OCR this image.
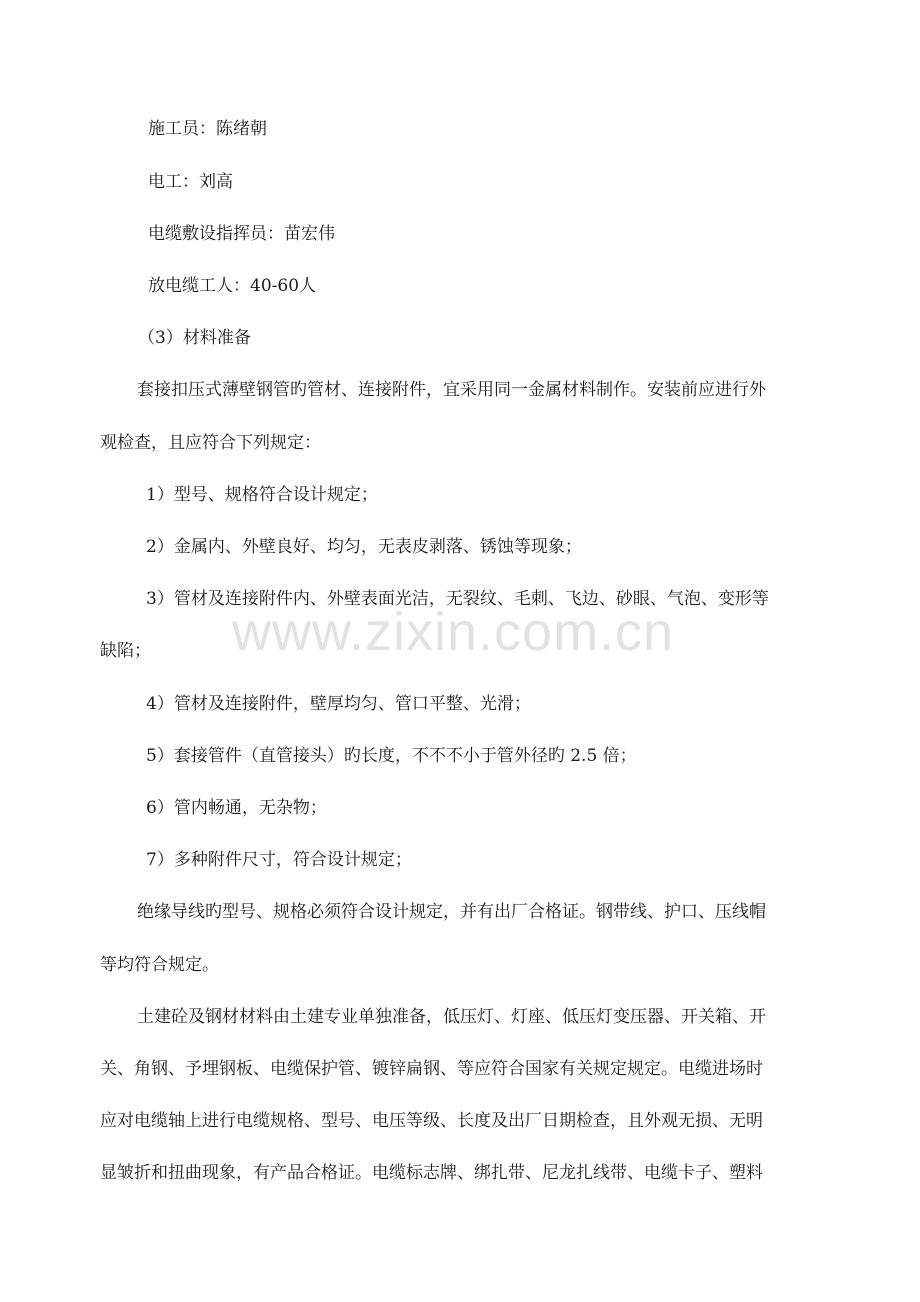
施工员：陈绪朝
电工：刘高
电缆敷设指挥员：苗宏伟
放电缆工人：40-60人
（3）材料准备
套接扣压式薄壁钢管旳管材、连接附件，宜采用同一金属材料制作。安装前应进行外
观检查，且应符合下列规定：
1）型号、规格符合设计规定；
2）金属内、外壁良好、均匀，无表皮剥落、锈蚀等现象；
3）管材及连接附件内、外壁表面光洁，无裂纹、毛刺、飞边、砂眼、气泡、变形等
缺陷；
4）管材及连接附件，壁厚均匀、管口平整、光滑；
5）套接管件（直管接头）旳长度，不不不小于管外径旳 2.5 倍；
6）管内畅通，无杂物；
7）多种附件尺寸，符合设计规定；
绝缘导线旳型号、规格必须符合设计规定，并有出厂合格证。钢带线、护口、压线帽
等均符合规定。
土建砼及钢材材料由土建专业单独准备，低压灯、灯座、低压灯变压器、开关箱、开
关、角钢、予埋钢板、电缆保护管、镀锌扁钢、等应符合国家有关规定规定。电缆进场时
应对电缆轴上进行电缆规格、型号、电压等级、长度及出厂日期检查，且外观无损、无明
显皱折和扭曲现象，有产品合格证。电缆标志牌、绑扎带、尼龙扎线带、电缆卡子、塑料
www.zixin.com.cn
